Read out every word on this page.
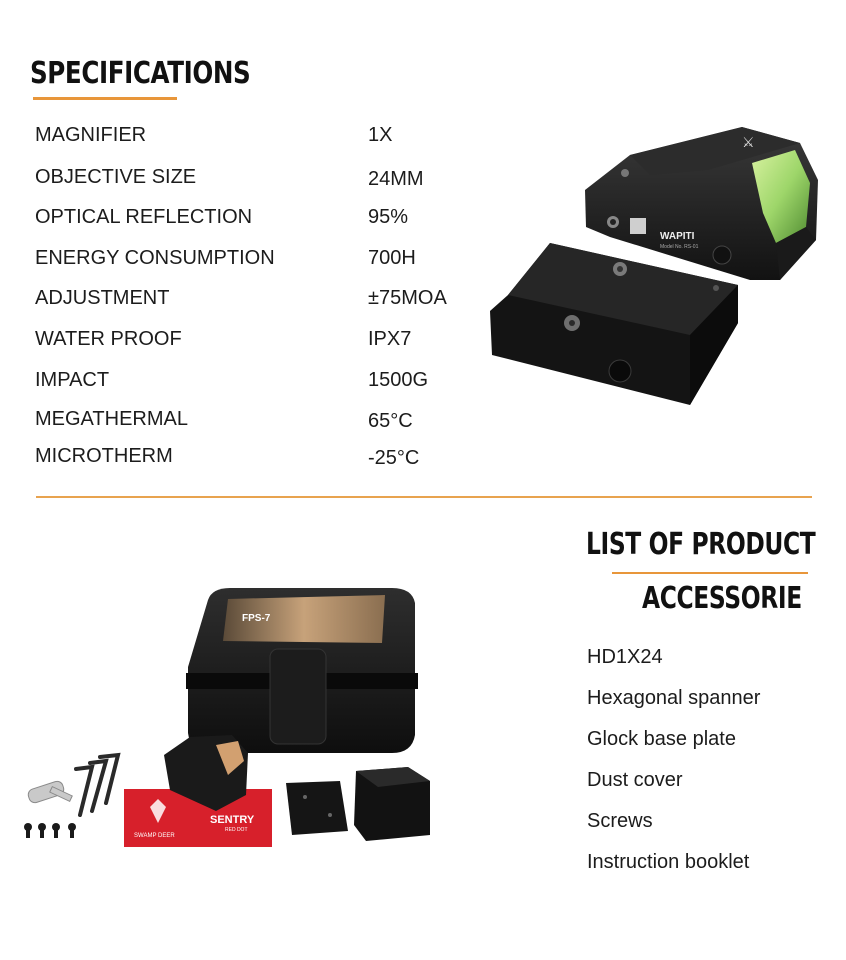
SPECIFICATIONS
MAGNIFIER	1X
OBJECTIVE SIZE	24MM
OPTICAL REFLECTION	95%
ENERGY CONSUMPTION	700H
ADJUSTMENT	±75MOA
WATER PROOF	IPX7
IMPACT	1500G
MEGATHERMAL	65°C
MICROTHERM	-25°C
WAPITI
Model No. RS-01
⚔
FPS-7
SWAMP DEER
SENTRY
RED DOT
LIST OF PRODUCT
ACCESSORIE
HD1X24
Hexagonal spanner
Glock base plate
Dust cover
Screws
Instruction booklet
